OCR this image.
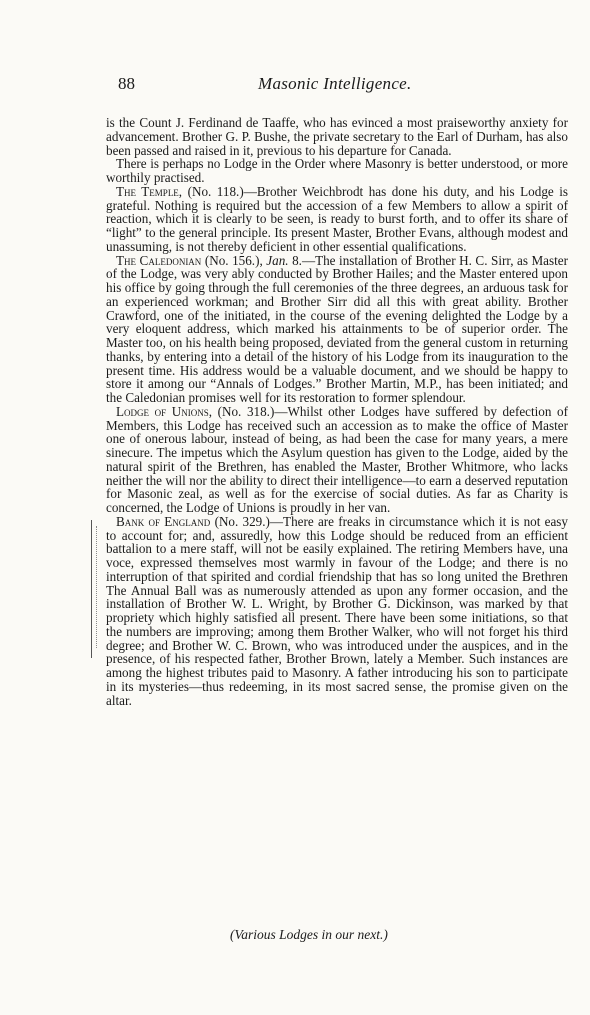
88	Masonic Intelligence.

is the Count J. Ferdinand de Taaffe, who has evinced a most praiseworthy anxiety for advancement. Brother G. P. Bushe, the private secretary to the Earl of Durham, has also been passed and raised in it, previous to his departure for Canada.

There is perhaps no Lodge in the Order where Masonry is better understood, or more worthily practised.

The Temple, (No. 118.)—Brother Weichbrodt has done his duty, and his Lodge is grateful. Nothing is required but the accession of a few Members to allow a spirit of reaction, which it is clearly to be seen, is ready to burst forth, and to offer its share of “light” to the general principle. Its present Master, Brother Evans, although modest and unassuming, is not thereby deficient in other essential qualifications.

The Caledonian (No. 156.), Jan. 8.—The installation of Brother H. C. Sirr, as Master of the Lodge, was very ably conducted by Brother Hailes; and the Master entered upon his office by going through the full ceremonies of the three degrees, an arduous task for an experienced workman; and Brother Sirr did all this with great ability. Brother Crawford, one of the initiated, in the course of the evening delighted the Lodge by a very eloquent address, which marked his attainments to be of superior order. The Master too, on his health being proposed, deviated from the general custom in returning thanks, by entering into a detail of the history of his Lodge from its inauguration to the present time. His address would be a valuable document, and we should be happy to store it among our “Annals of Lodges.” Brother Martin, M.P., has been initiated; and the Caledonian promises well for its restoration to former splendour.

Lodge of Unions, (No. 318.)—Whilst other Lodges have suffered by defection of Members, this Lodge has received such an accession as to make the office of Master one of onerous labour, instead of being, as had been the case for many years, a mere sinecure. The impetus which the Asylum question has given to the Lodge, aided by the natural spirit of the Brethren, has enabled the Master, Brother Whitmore, who lacks neither the will nor the ability to direct their intelligence—to earn a deserved reputation for Masonic zeal, as well as for the exercise of social duties. As far as Charity is concerned, the Lodge of Unions is proudly in her van.

Bank of England (No. 329.)—There are freaks in circumstance which it is not easy to account for; and, assuredly, how this Lodge should be reduced from an efficient battalion to a mere staff, will not be easily explained. The retiring Members have, una voce, expressed themselves most warmly in favour of the Lodge; and there is no interruption of that spirited and cordial friendship that has so long united the Brethren The Annual Ball was as numerously attended as upon any former occasion, and the installation of Brother W. L. Wright, by Brother G. Dickinson, was marked by that propriety which highly satisfied all present. There have been some initiations, so that the numbers are improving; among them Brother Walker, who will not forget his third degree; and Brother W. C. Brown, who was introduced under the auspices, and in the presence, of his respected father, Brother Brown, lately a Member. Such instances are among the highest tributes paid to Masonry. A father introducing his son to participate in its mysteries—thus redeeming, in its most sacred sense, the promise given on the altar.

(Various Lodges in our next.)
